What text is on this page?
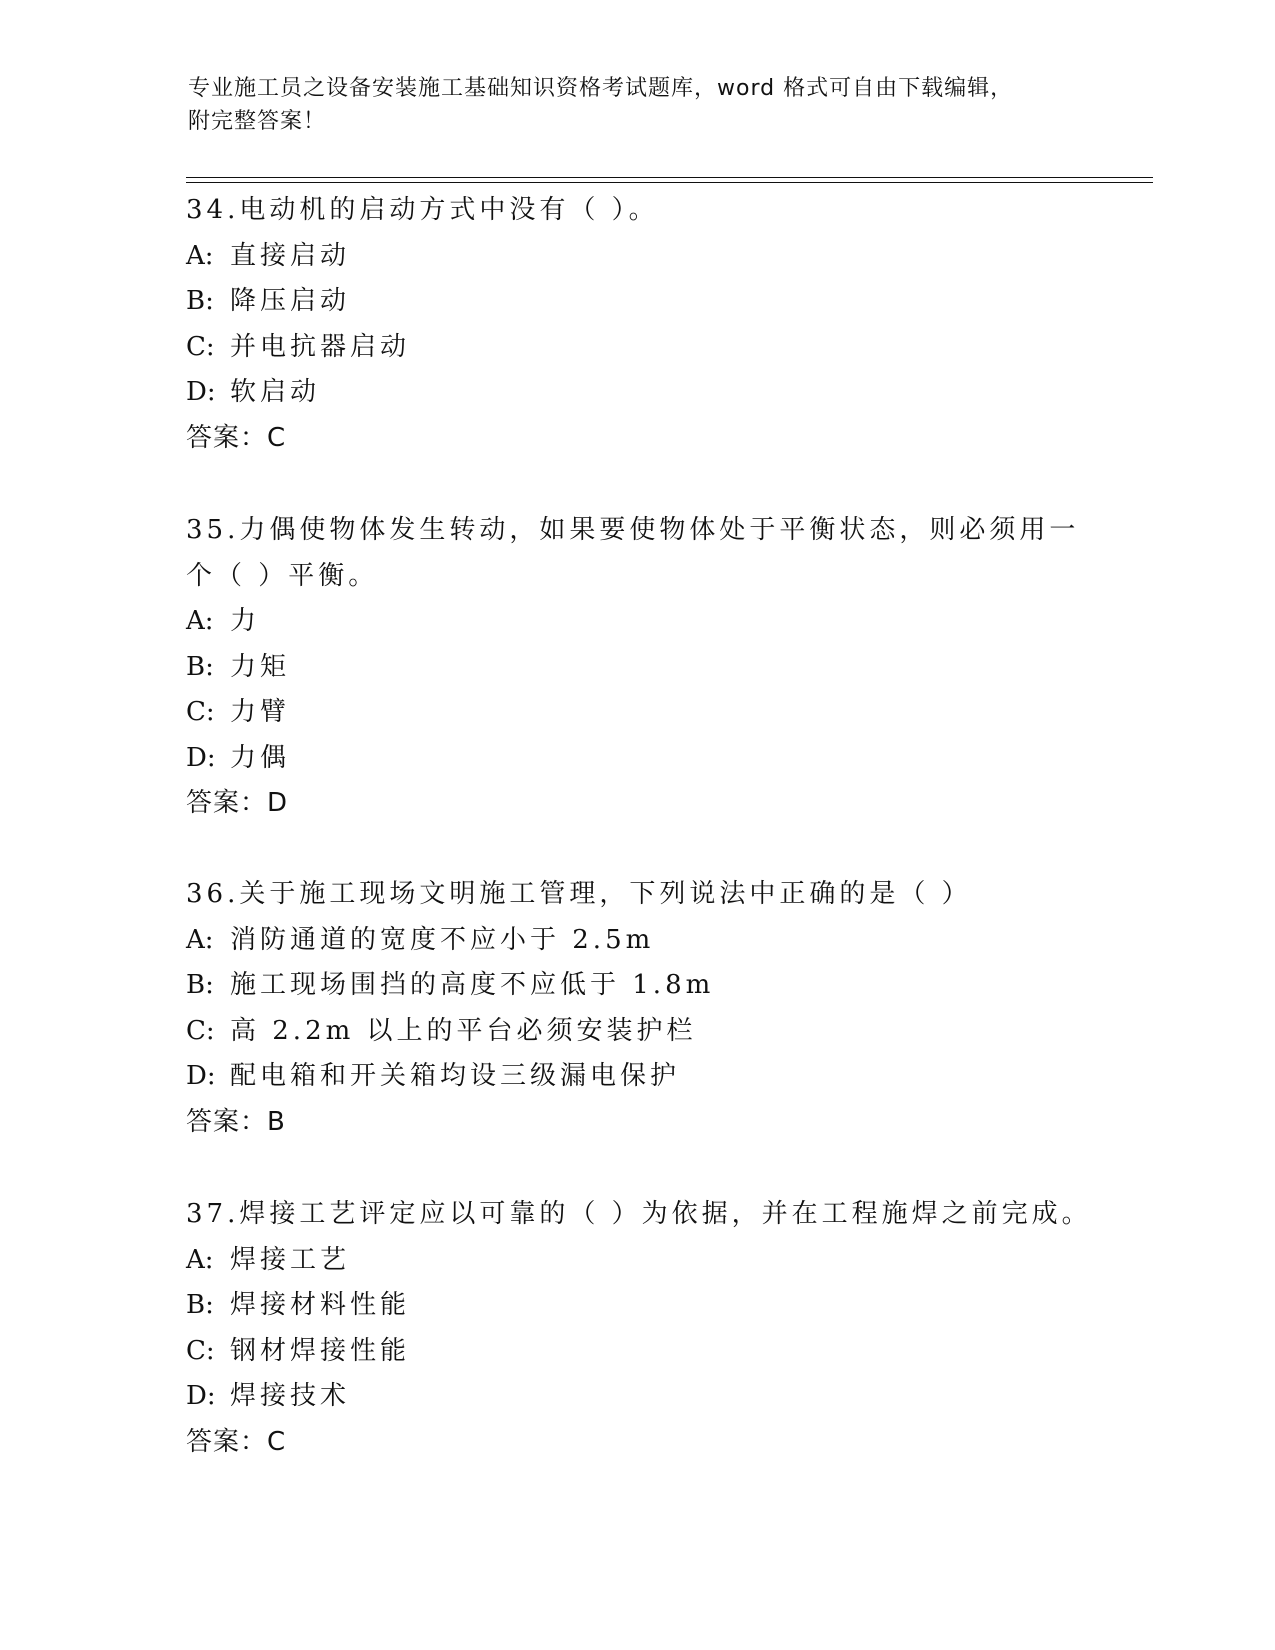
专业施工员之设备安装施工基础知识资格考试题库，word 格式可自由下载编辑，
附完整答案！
34.电动机的启动方式中没有（ ）。
A: 直接启动
B: 降压启动
C: 并电抗器启动
D: 软启动
答案：C
35.力偶使物体发生转动，如果要使物体处于平衡状态，则必须用一个（ ）平衡。
A: 力
B: 力矩
C: 力臂
D: 力偶
答案：D
36.关于施工现场文明施工管理，下列说法中正确的是（ ）
A: 消防通道的宽度不应小于 2.5m
B: 施工现场围挡的高度不应低于 1.8m
C: 高 2.2m 以上的平台必须安装护栏
D: 配电箱和开关箱均设三级漏电保护
答案：B
37.焊接工艺评定应以可靠的（ ）为依据，并在工程施焊之前完成。
A: 焊接工艺
B: 焊接材料性能
C: 钢材焊接性能
D: 焊接技术
答案：C
